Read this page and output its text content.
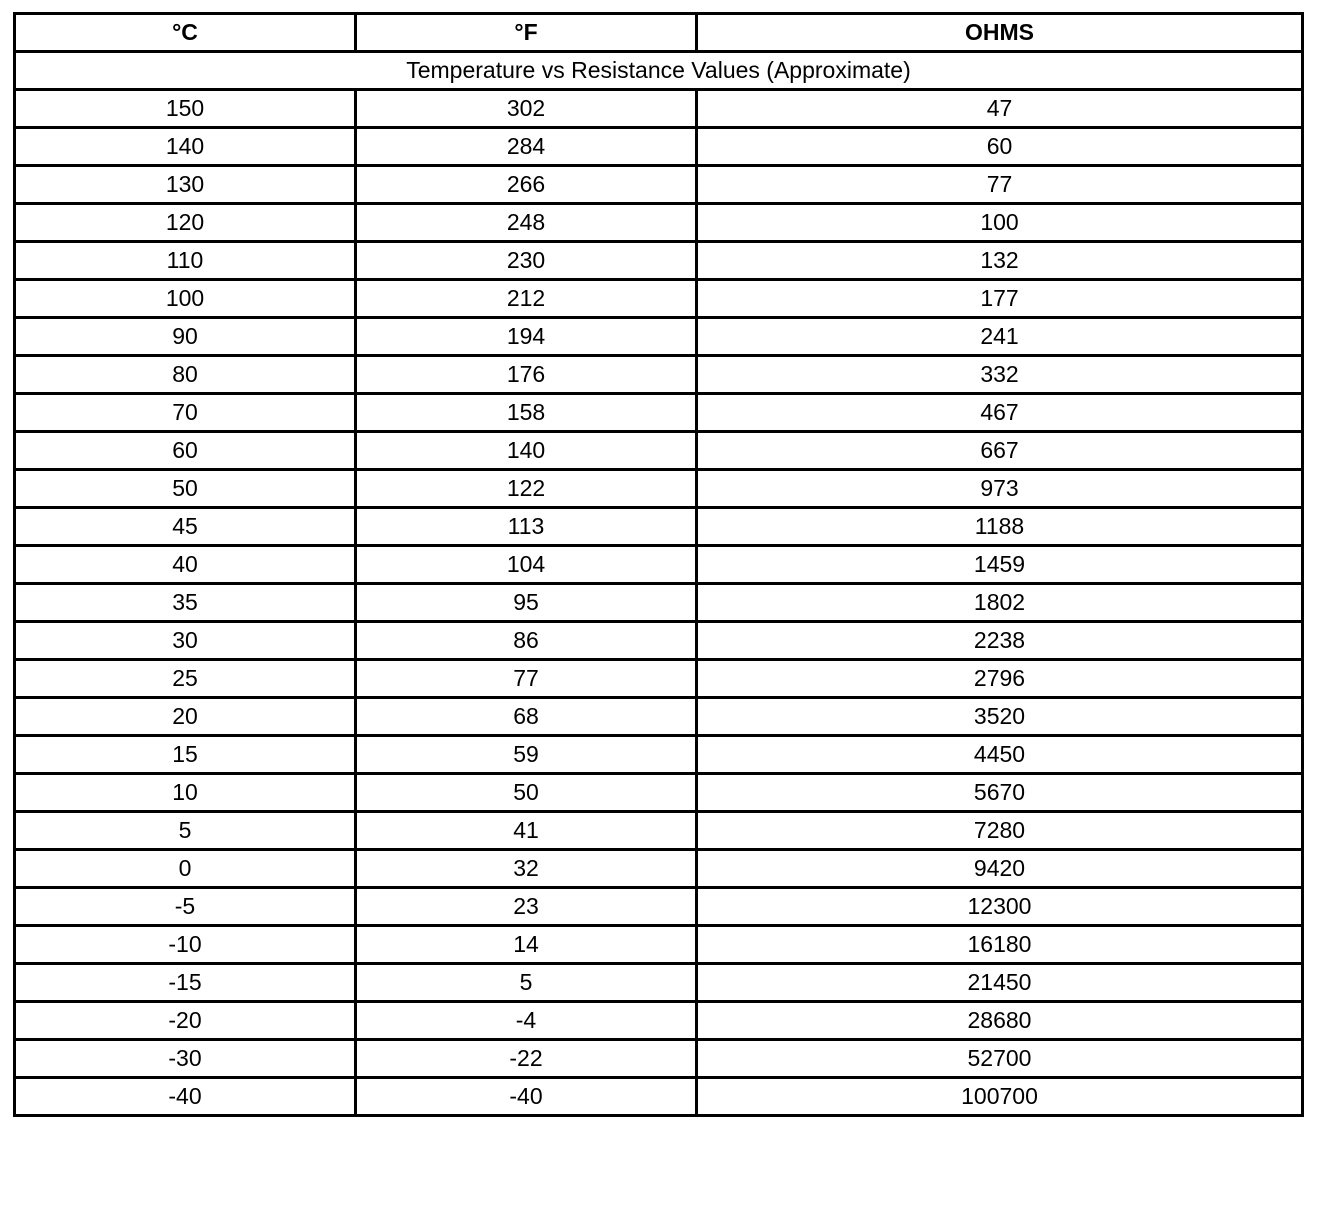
°C	°F	OHMS
Temperature vs Resistance Values (Approximate)		
150	302	47
140	284	60
130	266	77
120	248	100
110	230	132
100	212	177
90	194	241
80	176	332
70	158	467
60	140	667
50	122	973
45	113	1188
40	104	1459
35	95	1802
30	86	2238
25	77	2796
20	68	3520
15	59	4450
10	50	5670
5	41	7280
0	32	9420
-5	23	12300
-10	14	16180
-15	5	21450
-20	-4	28680
-30	-22	52700
-40	-40	100700
